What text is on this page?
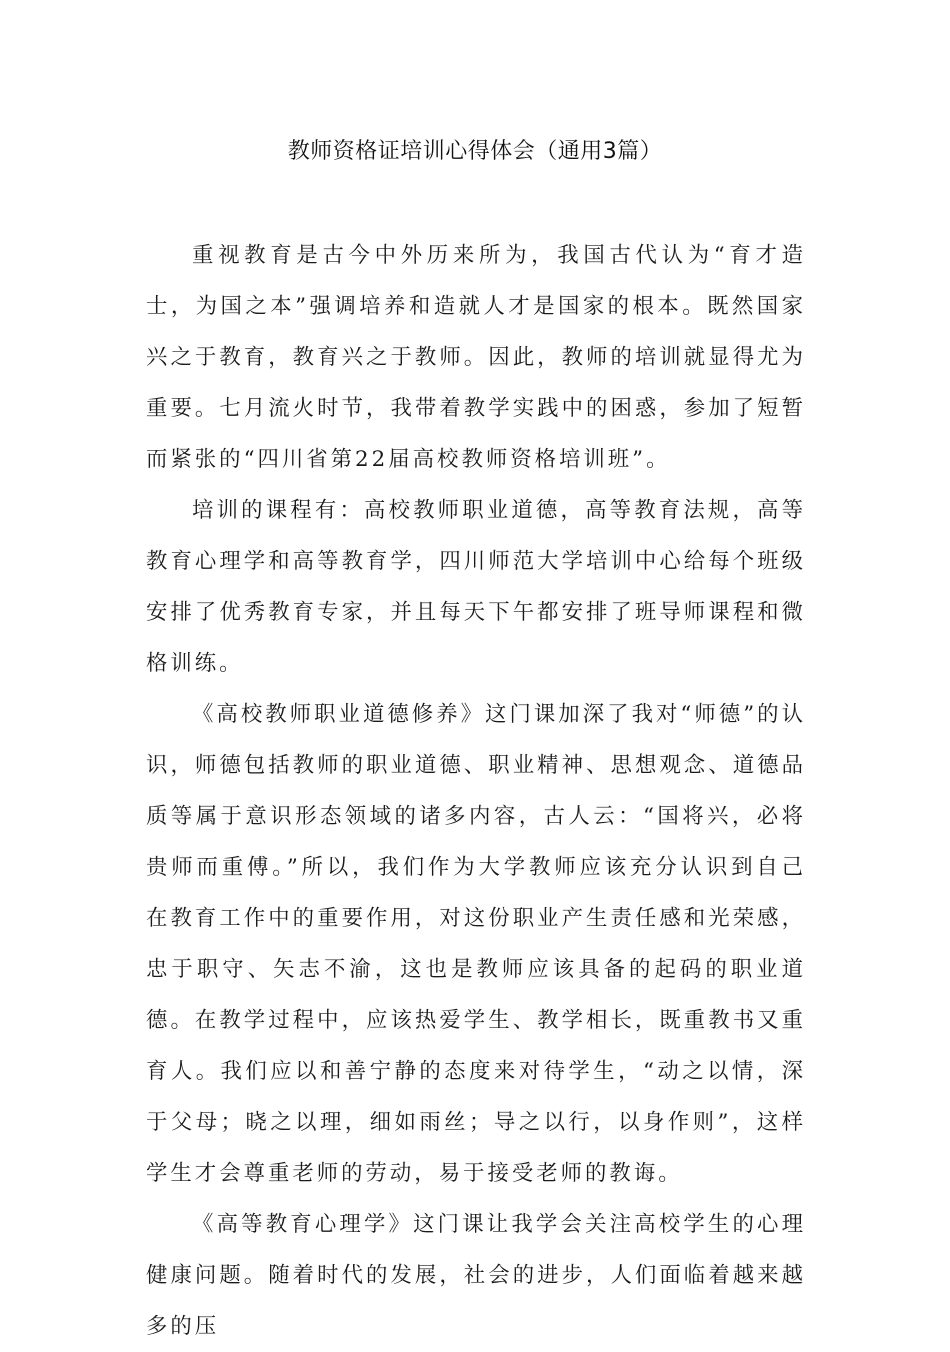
教师资格证培训心得体会（通用3篇）

重视教育是古今中外历来所为，我国古代认为“育才造士，为国之本”强调培养和造就人才是国家的根本。既然国家兴之于教育，教育兴之于教师。因此，教师的培训就显得尤为重要。七月流火时节，我带着教学实践中的困惑，参加了短暂而紧张的“四川省第22届高校教师资格培训班”。

培训的课程有：高校教师职业道德，高等教育法规，高等教育心理学和高等教育学，四川师范大学培训中心给每个班级安排了优秀教育专家，并且每天下午都安排了班导师课程和微格训练。

《高校教师职业道德修养》这门课加深了我对“师德”的认识，师德包括教师的职业道德、职业精神、思想观念、道德品质等属于意识形态领域的诸多内容，古人云：“国将兴，必将贵师而重傅。”所以，我们作为大学教师应该充分认识到自己在教育工作中的重要作用，对这份职业产生责任感和光荣感，忠于职守、矢志不渝，这也是教师应该具备的起码的职业道德。在教学过程中，应该热爱学生、教学相长，既重教书又重育人。我们应以和善宁静的态度来对待学生，“动之以情，深于父母；晓之以理，细如雨丝；导之以行，以身作则”，这样学生才会尊重老师的劳动，易于接受老师的教诲。

《高等教育心理学》这门课让我学会关注高校学生的心理健康问题。随着时代的发展，社会的进步，人们面临着越来越多的压
